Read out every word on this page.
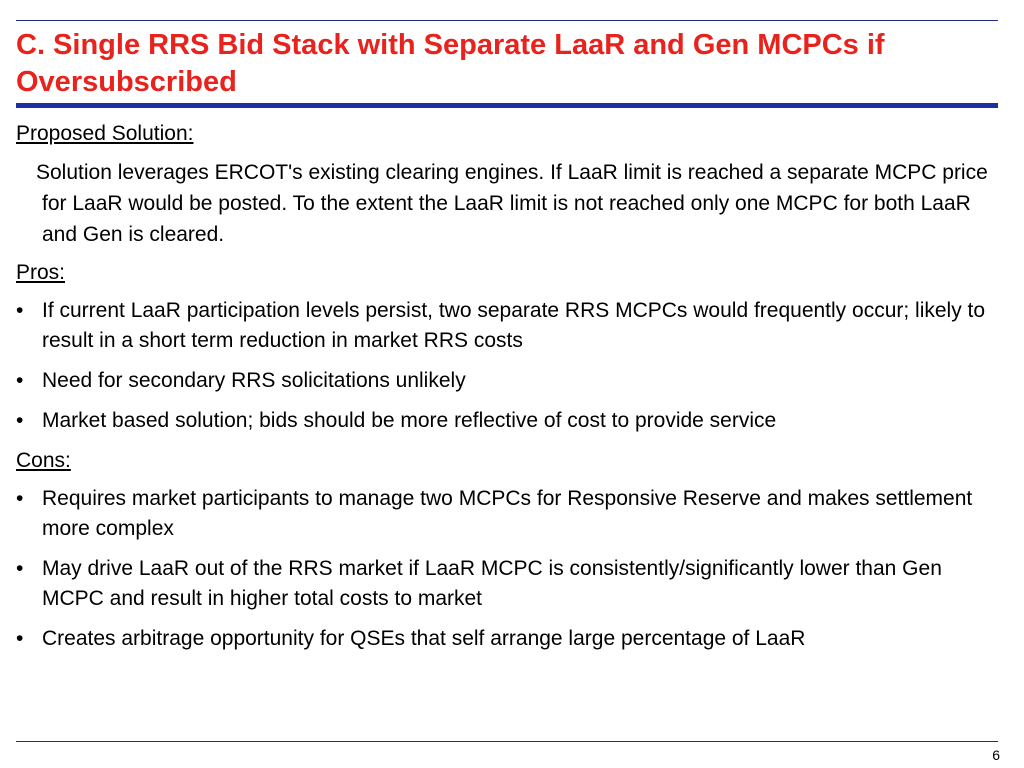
C. Single RRS Bid Stack with Separate LaaR and Gen MCPCs if Oversubscribed

Proposed Solution:

Solution leverages ERCOT's existing clearing engines. If LaaR limit is reached a separate MCPC price for LaaR would be posted. To the extent the LaaR limit is not reached only one MCPC for both LaaR and Gen is cleared.

Pros:

• If current LaaR participation levels persist, two separate RRS MCPCs would frequently occur; likely to result in a short term reduction in market RRS costs
• Need for secondary RRS solicitations unlikely
• Market based solution; bids should be more reflective of cost to provide service

Cons:

• Requires market participants to manage two MCPCs for Responsive Reserve and makes settlement more complex
• May drive LaaR out of the RRS market if LaaR MCPC is consistently/significantly lower than Gen MCPC and result in higher total costs to market
• Creates arbitrage opportunity for QSEs that self arrange large percentage of LaaR
6
